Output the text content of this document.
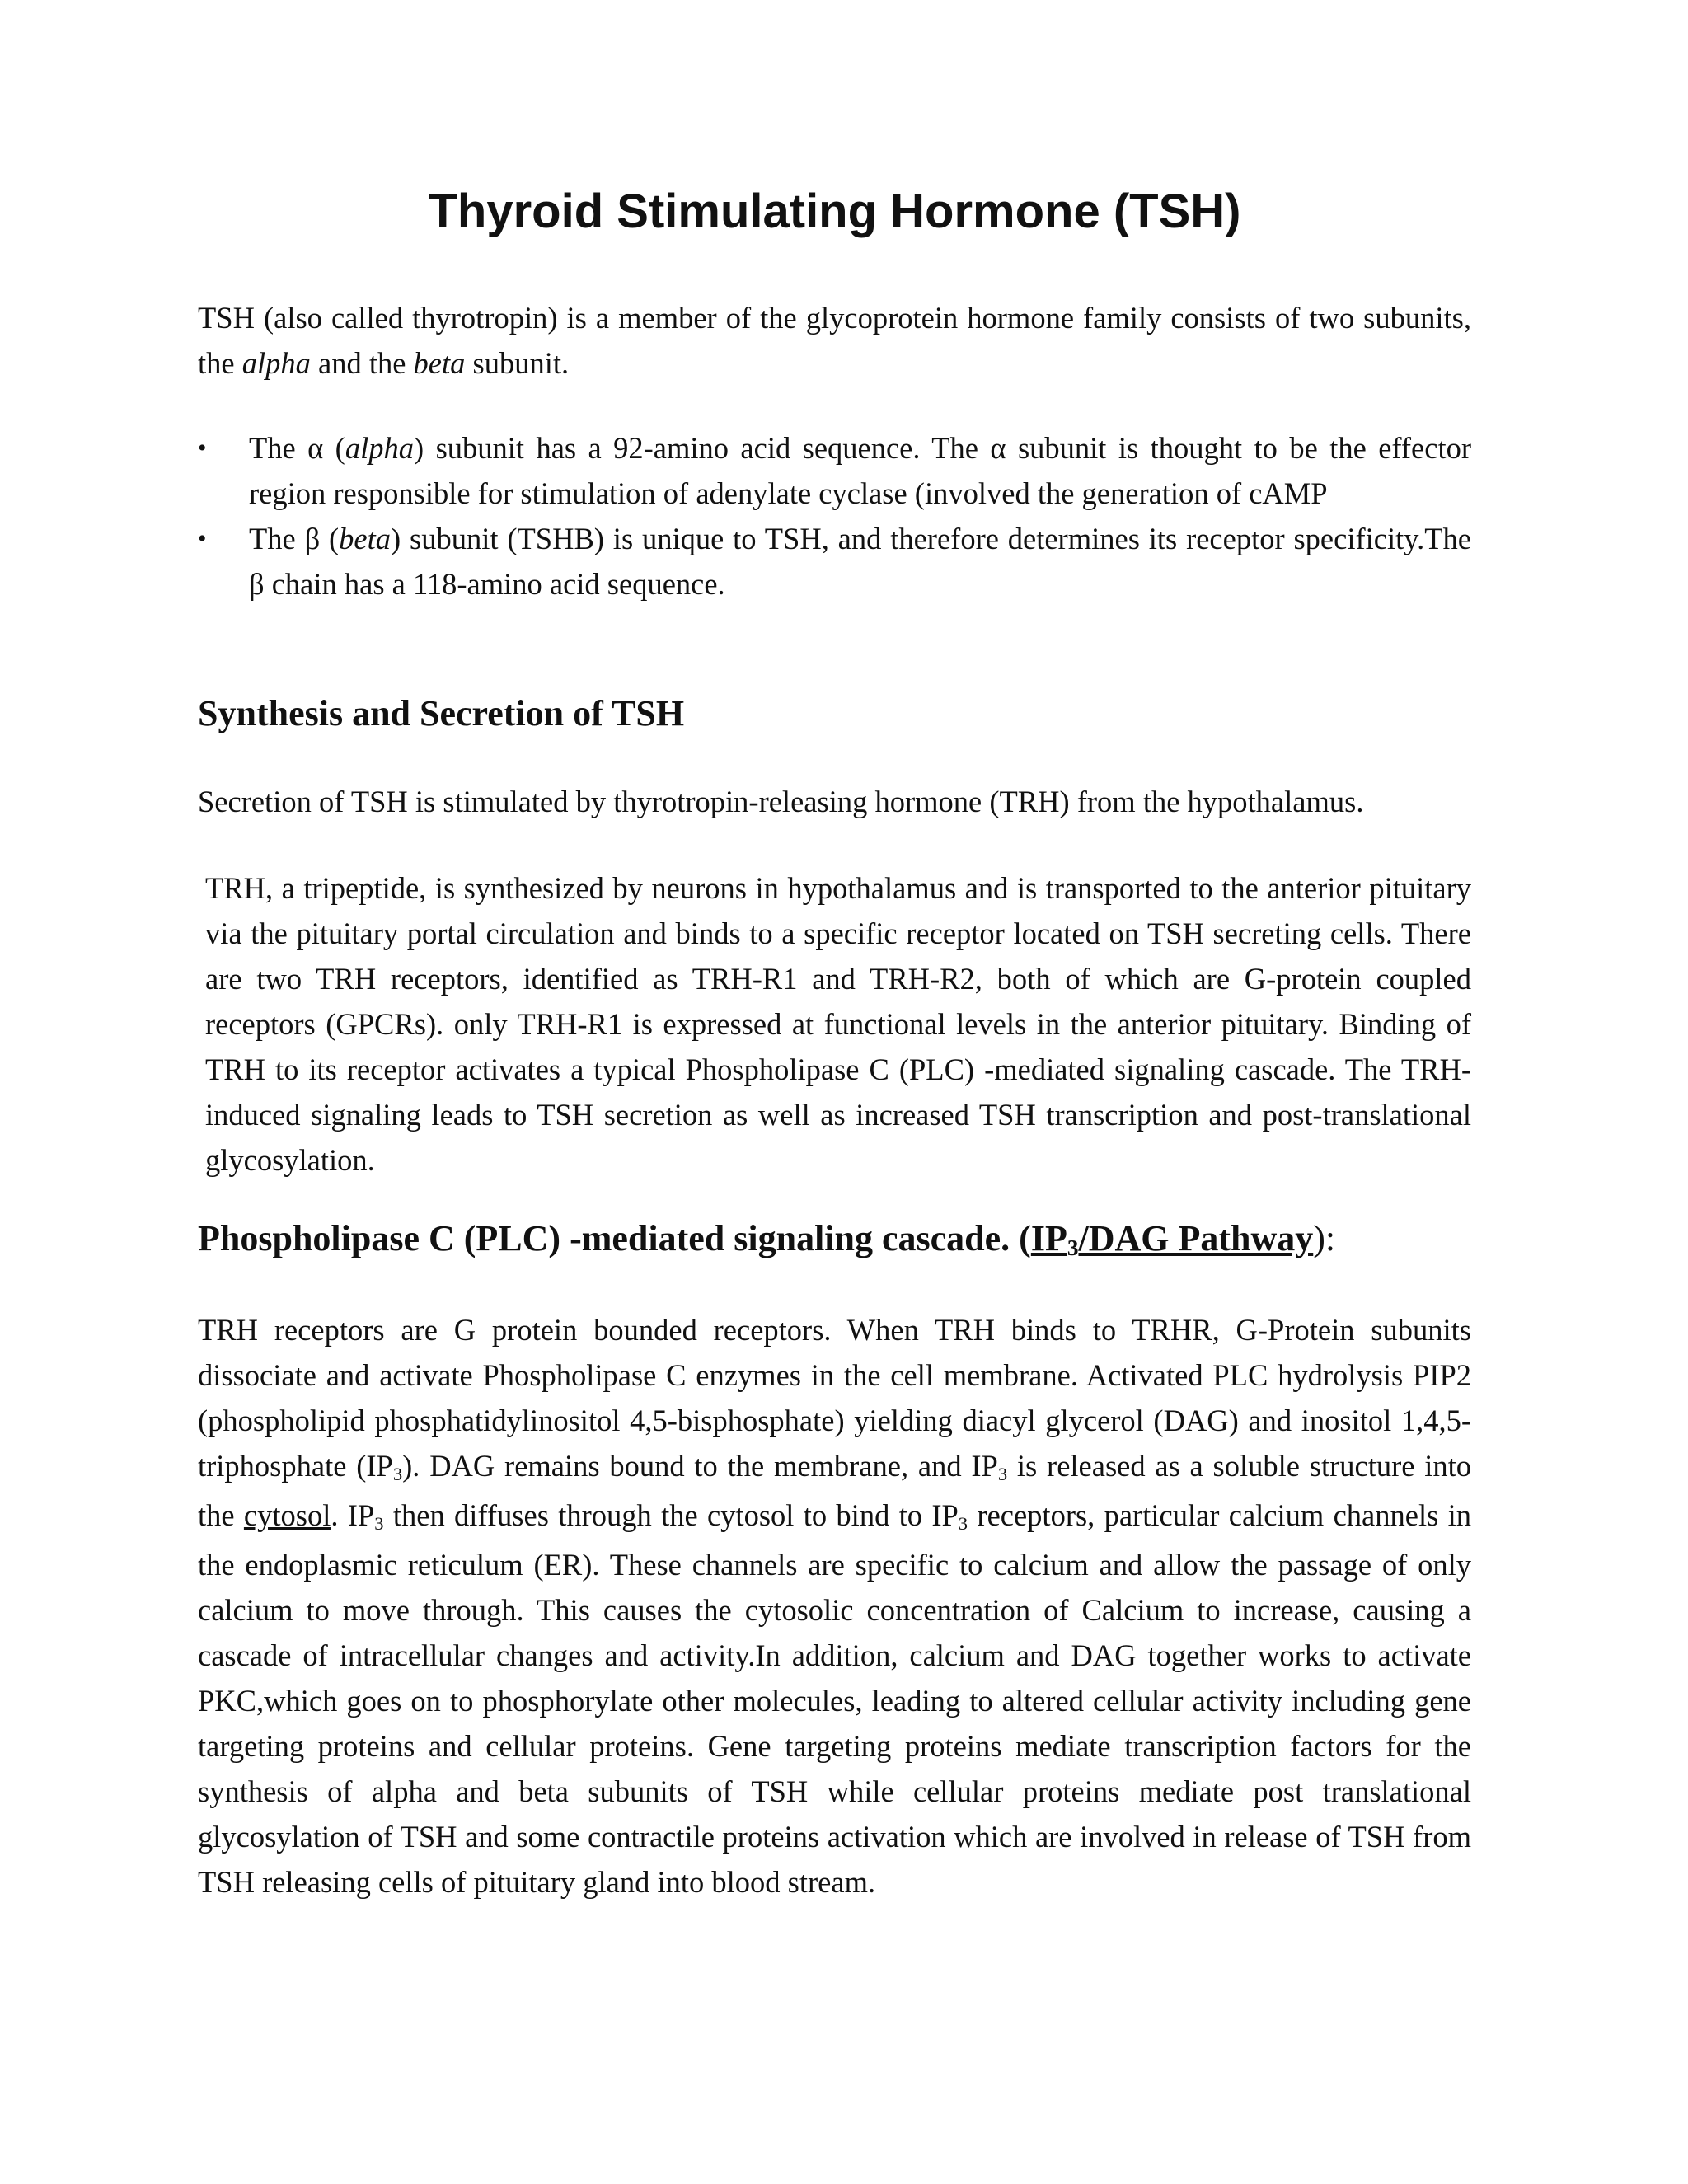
Thyroid Stimulating Hormone (TSH)

TSH (also called thyrotropin) is a member of the glycoprotein hormone family consists of two subunits, the alpha and the beta subunit.

•	The α (alpha) subunit has a 92-amino acid sequence. The α subunit is thought to be the effector region responsible for stimulation of adenylate cyclase (involved the generation of cAMP
•	The β (beta) subunit (TSHB) is unique to TSH, and therefore determines its receptor specificity.The β chain has a 118-amino acid sequence.
Synthesis and Secretion of TSH

Secretion of TSH is stimulated by thyrotropin-releasing hormone (TRH) from the hypothalamus.

TRH, a tripeptide, is synthesized by neurons in hypothalamus and is transported to the anterior pituitary via the pituitary portal circulation and binds to a specific receptor located on TSH secreting cells. There are two TRH receptors, identified as TRH-R1 and TRH-R2, both of which are G-protein coupled receptors (GPCRs). only TRH-R1 is expressed at functional levels in the anterior pituitary. Binding of TRH to its receptor activates a typical Phospholipase C (PLC) -mediated signaling cascade. The TRH-induced signaling leads to TSH secretion as well as increased TSH transcription and post-translational glycosylation.

Phospholipase C (PLC) -mediated signaling cascade. ($IP_3$/DAG Pathway):

TRH receptors are G protein bounded receptors. When TRH binds to TRHR, G-Protein subunits dissociate and activate Phospholipase C enzymes in the cell membrane. Activated PLC hydrolysis PIP2 (phospholipid phosphatidylinositol 4,5-bisphosphate) yielding diacyl glycerol (DAG) and inositol 1,4,5-triphosphate $(IP_3)$. DAG remains bound to the membrane, and $IP_3$ is released as a soluble structure into the cytosol. $IP_3$ then diffuses through the cytosol to bind to $IP_3$ receptors, particular calcium channels in the endoplasmic reticulum (ER). These channels are specific to calcium and allow the passage of only calcium to move through. This causes the cytosolic concentration of Calcium to increase, causing a cascade of intracellular changes and activity.In addition, calcium and DAG together works to activate PKC,which goes on to phosphorylate other molecules, leading to altered cellular activity including gene targeting proteins and cellular proteins. Gene targeting proteins mediate transcription factors for the synthesis of alpha and beta subunits of TSH while cellular proteins mediate post translational glycosylation of TSH and some contractile proteins activation which are involved in release of TSH from TSH releasing cells of pituitary gland into blood stream.
